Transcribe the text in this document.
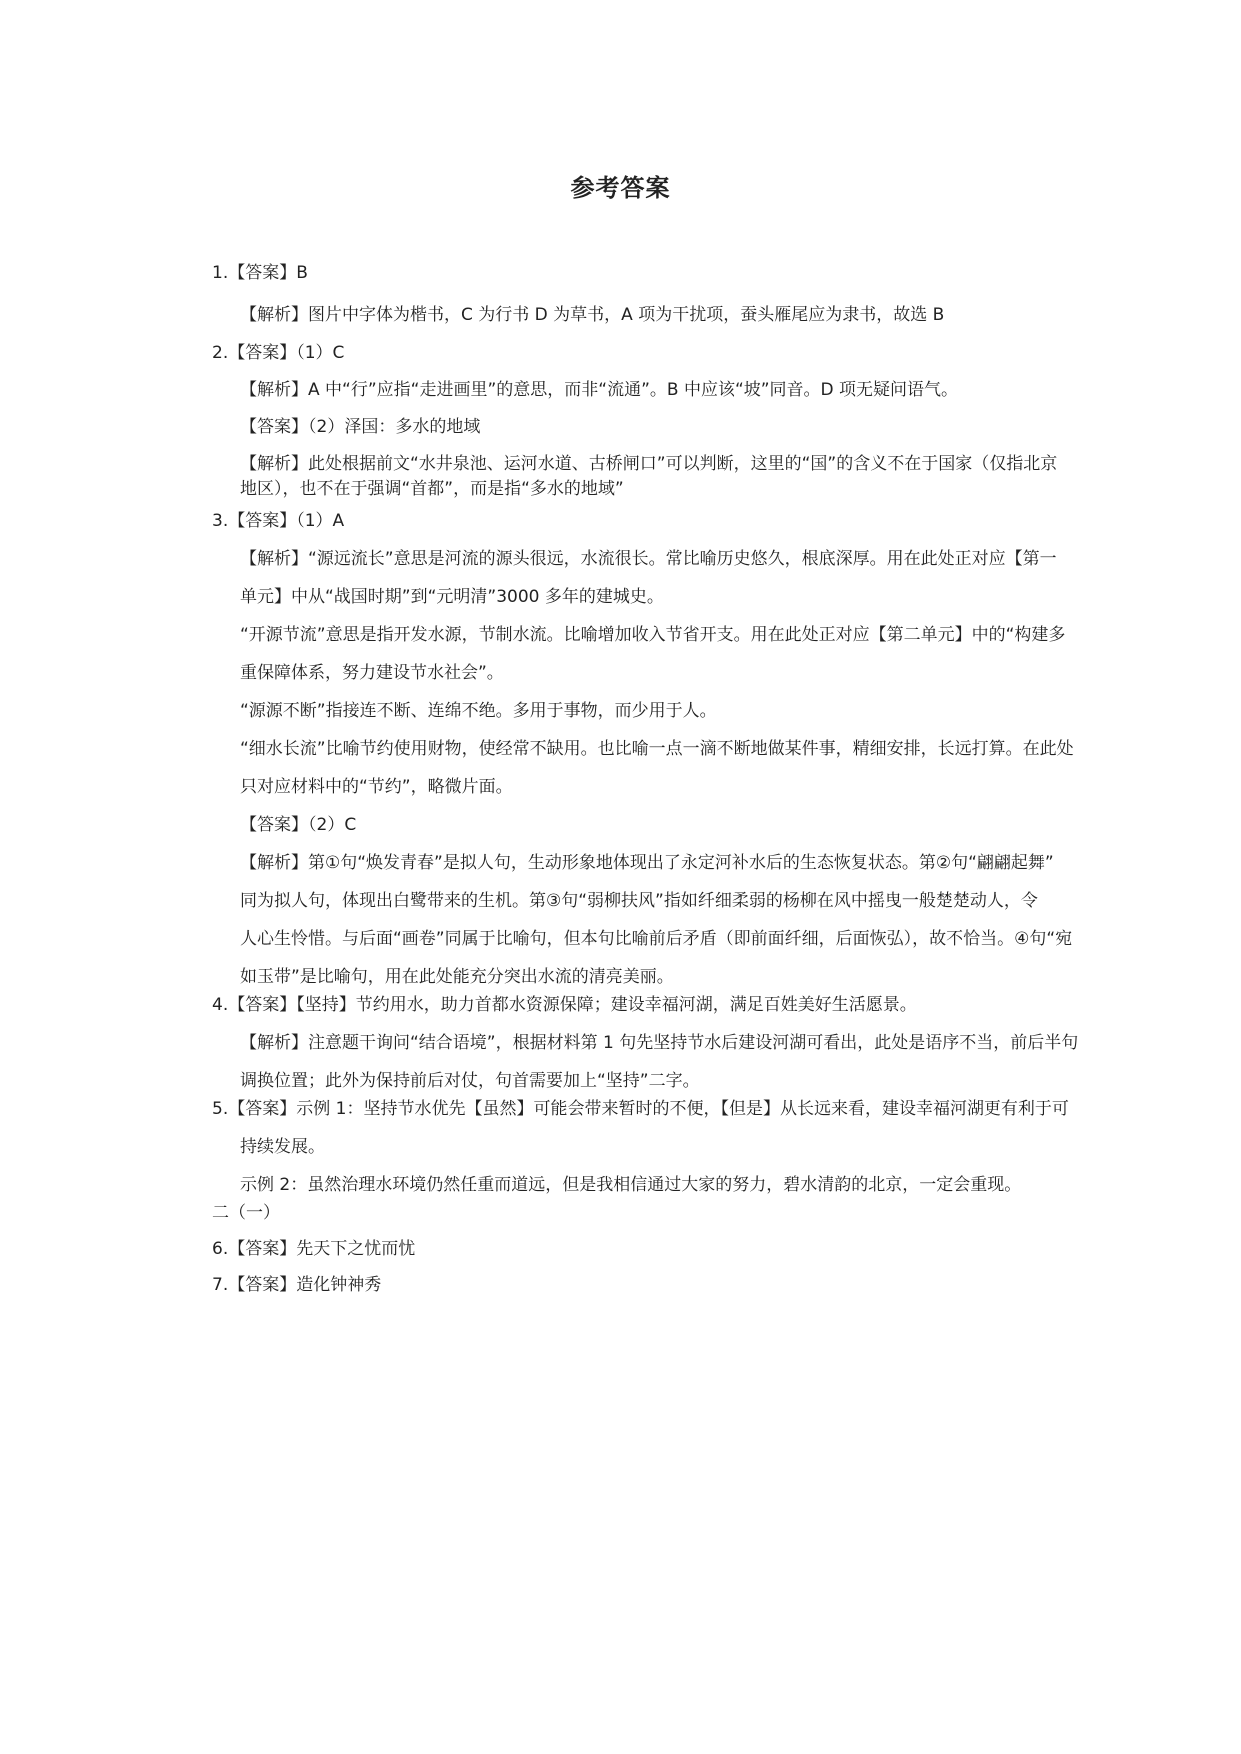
参考答案
1.【答案】B
【解析】图片中字体为楷书，C 为行书 D 为草书，A 项为干扰项，蚕头雁尾应为隶书，故选 B
2.【答案】（1）C
【解析】A 中“行”应指“走进画里”的意思，而非“流通”。B 中应该“坡”同音。D 项无疑问语气。
【答案】（2）泽国：多水的地域
【解析】此处根据前文“水井泉池、运河水道、古桥闸口”可以判断，这里的“国”的含义不在于国家（仅指北京
地区），也不在于强调“首都”，而是指“多水的地域”
3.【答案】（1）A
【解析】“源远流长”意思是河流的源头很远，水流很长。常比喻历史悠久，根底深厚。用在此处正对应【第一
单元】中从“战国时期”到“元明清”3000 多年的建城史。
“开源节流”意思是指开发水源，节制水流。比喻增加收入节省开支。用在此处正对应【第二单元】中的“构建多
重保障体系，努力建设节水社会”。
“源源不断”指接连不断、连绵不绝。多用于事物，而少用于人。
“细水长流”比喻节约使用财物，使经常不缺用。也比喻一点一滴不断地做某件事，精细安排，长远打算。在此处
只对应材料中的“节约”，略微片面。
【答案】（2）C
【解析】第①句“焕发青春”是拟人句，生动形象地体现出了永定河补水后的生态恢复状态。第②句“翩翩起舞”
同为拟人句，体现出白鹭带来的生机。第③句“弱柳扶风”指如纤细柔弱的杨柳在风中摇曳一般楚楚动人，令
人心生怜惜。与后面“画卷”同属于比喻句，但本句比喻前后矛盾（即前面纤细，后面恢弘），故不恰当。④句“宛
如玉带”是比喻句，用在此处能充分突出水流的清亮美丽。
4.【答案】【坚持】节约用水，助力首都水资源保障；建设幸福河湖，满足百姓美好生活愿景。
【解析】注意题干询问“结合语境”，根据材料第 1 句先坚持节水后建设河湖可看出，此处是语序不当，前后半句
调换位置；此外为保持前后对仗，句首需要加上“坚持”二字。
5.【答案】示例 1：坚持节水优先【虽然】可能会带来暂时的不便，【但是】从长远来看，建设幸福河湖更有利于可
持续发展。
示例 2：虽然治理水环境仍然任重而道远，但是我相信通过大家的努力，碧水清韵的北京，一定会重现。
二（一）
6.【答案】先天下之忧而忧
7.【答案】造化钟神秀
